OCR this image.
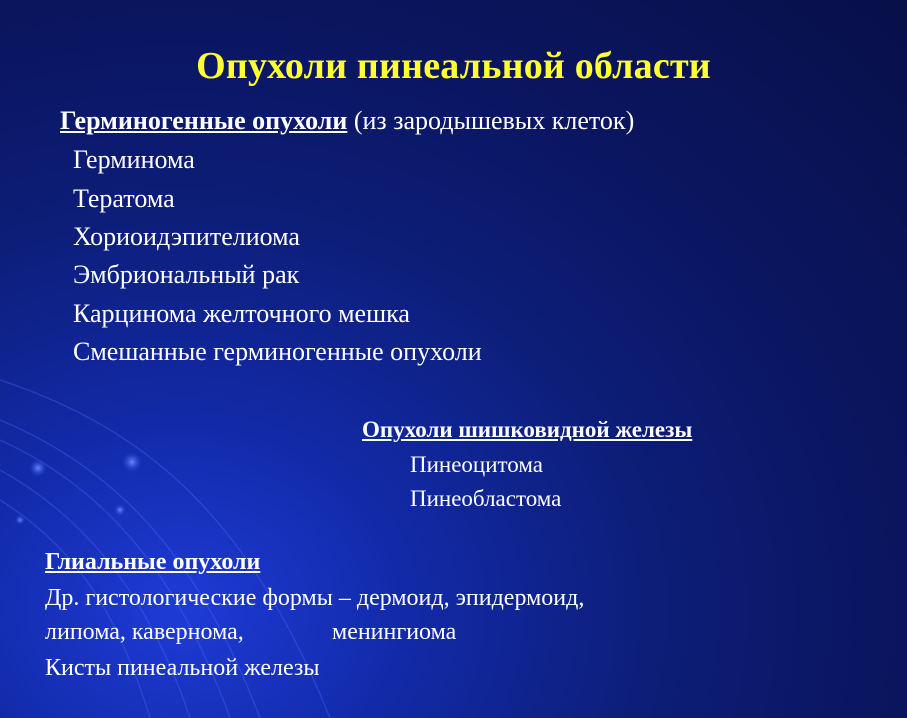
Опухоли пинеальной области
Герминогенные опухоли (из зародышевых клеток)
Герминома
Тератома
Хориоидэпителиома
Эмбриональный рак
Карцинома желточного мешка
Смешанные герминогенные опухоли
Опухоли шишковидной железы
Пинеоцитома
Пинеобластома
Глиальные опухоли
Др. гистологические формы – дермоид, эпидермоид,
липома, кавернома,	менингиома
Кисты пинеальной железы
